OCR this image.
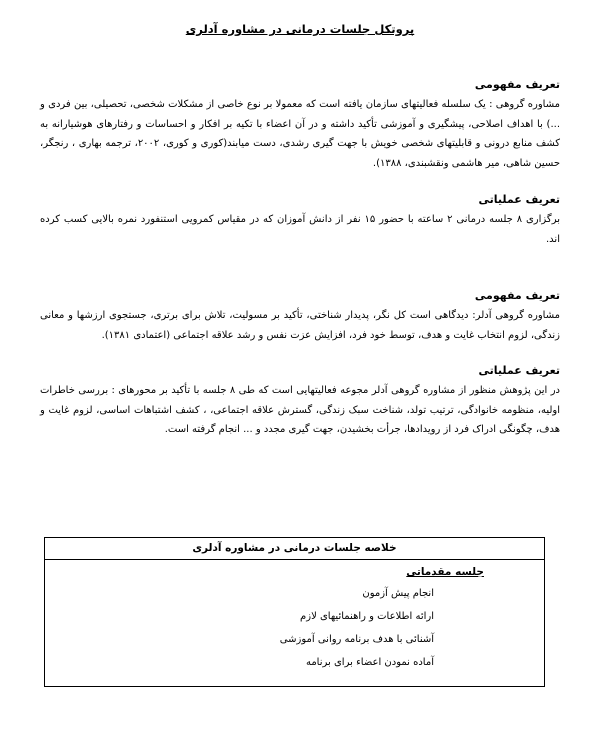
پروتکل جلسات درمانی در مشاوره آدلری
تعریف مفهومی

مشاوره گروهی : یک سلسله فعالیتهای سازمان یافته است که معمولا بر نوع خاصی از مشکلات شخصی، تحصیلی، بین فردی و ...) با اهداف اصلاحی، پیشگیری و آموزشی تأکید داشته و در آن اعضاء با تکیه بر افکار و احساسات و رفتارهای هوشیارانه به کشف منابع درونی و قابلیتهای شخصی خویش با جهت گیری رشدی، دست میابند(کوری و کوری، ۲۰۰۲، ترجمه بهاری ، رنجگر، حسین شاهی، میر هاشمی ونقشبندی، ۱۳۸۸).

تعریف عملیاتی

برگزاری ۸ جلسه درمانی ۲ ساعته با حضور ۱۵ نفر از دانش آموزان که در مقیاس کمرویی استنفورد نمره بالایی کسب کرده اند.

تعریف مفهومی

مشاوره گروهی آدلر: دیدگاهی است کل نگر، پدیدار شناختی، تأکید بر مسولیت، تلاش برای برتری، جستجوی ارزشها و معانی زندگی، لزوم انتخاب غایت و هدف، توسط خود فرد، افزایش عزت نفس و رشد علاقه اجتماعی (اعتمادی ۱۳۸۱).

تعریف عملیاتی

در این پژوهش منظور از مشاوره گروهی آدلر مجوعه فعالیتهایی است که طی ۸ جلسه با تأکید بر محورهای : بررسی خاطرات اولیه، منظومه خانوادگی، ترتیب تولد، شناخت سبک زندگی، گسترش علاقه اجتماعی، ، کشف اشتباهات اساسی، لزوم غایت و هدف، چگونگی ادراک فرد از رویدادها، جرأت بخشیدن، جهت گیری مجدد و ... انجام گرفته است.

خلاصه جلسات درمانی در مشاوره آدلری
جلسه مقدماتی
انجام پیش آزمون
ارائه اطلاعات و راهنمائیهای لازم
آشنائی با هدف برنامه روانی آموزشی
آماده نمودن اعضاء برای برنامه
